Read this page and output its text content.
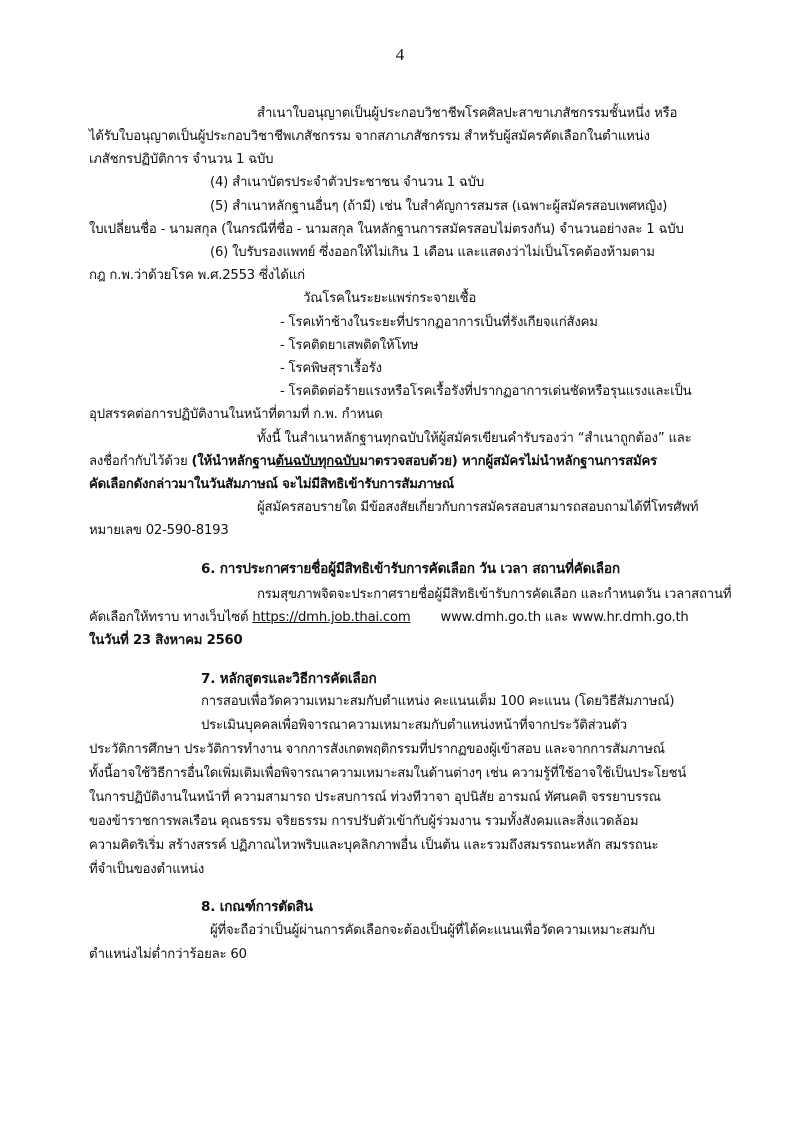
4
สำเนาใบอนุญาตเป็นผู้ประกอบวิชาชีพโรคศิลปะสาขาเภสัชกรรมชั้นหนึ่ง หรือ
ได้รับใบอนุญาตเป็นผู้ประกอบวิชาชีพเภสัชกรรม จากสภาเภสัชกรรม สำหรับผู้สมัครคัดเลือกในตำแหน่ง
เภสัชกรปฏิบัติการ จำนวน 1 ฉบับ
(4) สำเนาบัตรประจำตัวประชาชน จำนวน 1 ฉบับ
(5) สำเนาหลักฐานอื่นๆ (ถ้ามี) เช่น ใบสำคัญการสมรส (เฉพาะผู้สมัครสอบเพศหญิง)
ใบเปลี่ยนชื่อ - นามสกุล (ในกรณีที่ชื่อ - นามสกุล ในหลักฐานการสมัครสอบไม่ตรงกัน) จำนวนอย่างละ 1 ฉบับ
(6) ใบรับรองแพทย์ ซึ่งออกให้ไม่เกิน 1 เดือน และแสดงว่าไม่เป็นโรคต้องห้ามตาม
กฎ ก.พ.ว่าด้วยโรค พ.ศ.2553 ซึ่งได้แก่
วัณโรคในระยะแพร่กระจายเชื้อ
- โรคเท้าช้างในระยะที่ปรากฏอาการเป็นที่รังเกียจแก่สังคม
- โรคติดยาเสพติดให้โทษ
- โรคพิษสุราเรื้อรัง
- โรคติดต่อร้ายแรงหรือโรคเรื้อรังที่ปรากฏอาการเด่นชัดหรือรุนแรงและเป็น
อุปสรรคต่อการปฏิบัติงานในหน้าที่ตามที่ ก.พ. กำหนด
ทั้งนี้ ในสำเนาหลักฐานทุกฉบับให้ผู้สมัครเขียนคำรับรองว่า “สำเนาถูกต้อง” และ
ลงชื่อกำกับไว้ด้วย (ให้นำหลักฐานต้นฉบับทุกฉบับมาตรวจสอบด้วย) หากผู้สมัครไม่นำหลักฐานการสมัคร
คัดเลือกดังกล่าวมาในวันสัมภาษณ์ จะไม่มีสิทธิเข้ารับการสัมภาษณ์
ผู้สมัครสอบรายใด มีข้อสงสัยเกี่ยวกับการสมัครสอบสามารถสอบถามได้ที่โทรศัพท์
หมายเลข 02-590-8193
6. การประกาศรายชื่อผู้มีสิทธิเข้ารับการคัดเลือก วัน เวลา สถานที่คัดเลือก
กรมสุขภาพจิตจะประกาศรายชื่อผู้มีสิทธิเข้ารับการคัดเลือก และกำหนดวัน เวลาสถานที่
คัดเลือกให้ทราบ ทางเว็บไซต์ https://dmh.job.thai.com www.dmh.go.th และ www.hr.dmh.go.th
ในวันที่ 23 สิงหาคม 2560
7. หลักสูตรและวิธีการคัดเลือก
การสอบเพื่อวัดความเหมาะสมกับตำแหน่ง คะแนนเต็ม 100 คะแนน (โดยวิธีสัมภาษณ์)
ประเมินบุคคลเพื่อพิจารณาความเหมาะสมกับตำแหน่งหน้าที่จากประวัติส่วนตัว
ประวัติการศึกษา ประวัติการทำงาน จากการสังเกตพฤติกรรมที่ปรากฏของผู้เข้าสอบ และจากการสัมภาษณ์
ทั้งนี้อาจใช้วิธีการอื่นใดเพิ่มเติมเพื่อพิจารณาความเหมาะสมในด้านต่างๆ เช่น ความรู้ที่ใช้อาจใช้เป็นประโยชน์
ในการปฏิบัติงานในหน้าที่ ความสามารถ ประสบการณ์ ท่วงทีวาจา อุปนิสัย อารมณ์ ทัศนคติ จรรยาบรรณ
ของข้าราชการพลเรือน คุณธรรม จริยธรรม การปรับตัวเข้ากับผู้ร่วมงาน รวมทั้งสังคมและสิ่งแวดล้อม
ความคิดริเริ่ม สร้างสรรค์ ปฏิภาณไหวพริบและบุคลิกภาพอื่น เป็นต้น และรวมถึงสมรรถนะหลัก สมรรถนะ
ที่จำเป็นของตำแหน่ง
8. เกณฑ์การตัดสิน
ผู้ที่จะถือว่าเป็นผู้ผ่านการคัดเลือกจะต้องเป็นผู้ที่ได้คะแนนเพื่อวัดความเหมาะสมกับ
ตำแหน่งไม่ต่ำกว่าร้อยละ 60
